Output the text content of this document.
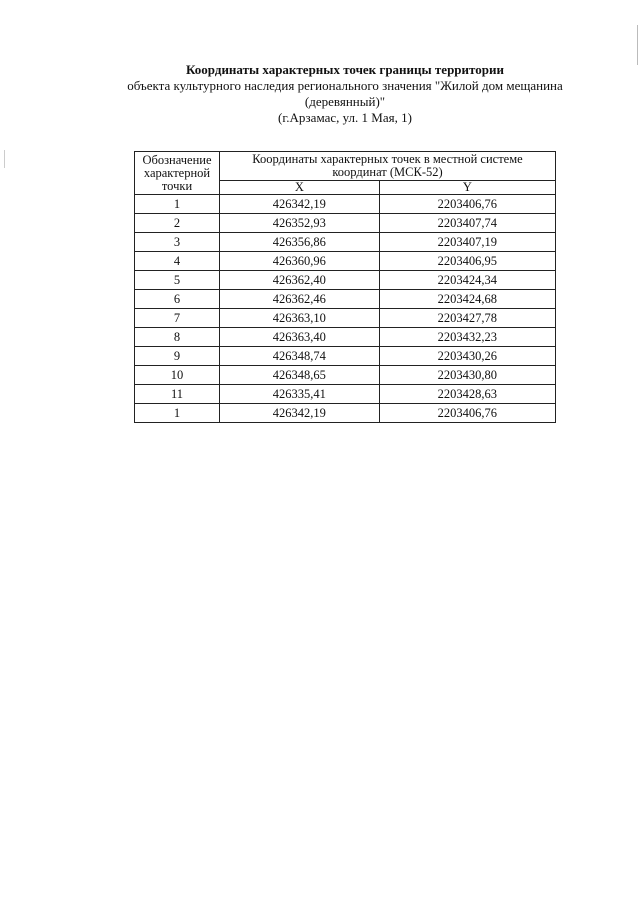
Координаты характерных точек границы территории
объекта культурного наследия регионального значения "Жилой дом мещанина
(деревянный)"
(г.Арзамас, ул. 1 Мая, 1)
Обозначение характерной точки	Координаты характерных точек в местной системе координат (МСК-52)	
	X	Y
1	426342,19	2203406,76
2	426352,93	2203407,74
3	426356,86	2203407,19
4	426360,96	2203406,95
5	426362,40	2203424,34
6	426362,46	2203424,68
7	426363,10	2203427,78
8	426363,40	2203432,23
9	426348,74	2203430,26
10	426348,65	2203430,80
11	426335,41	2203428,63
1	426342,19	2203406,76
